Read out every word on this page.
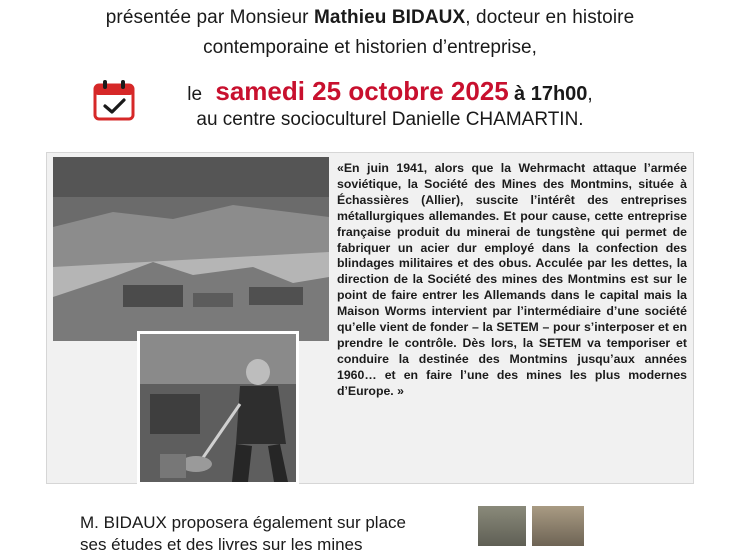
présentée par Monsieur Mathieu BIDAUX, docteur en histoire
contemporaine et historien d’entreprise,
le samedi 25 octobre 2025 à 17h00,
au centre socioculturel Danielle CHAMARTIN.
«En juin 1941, alors que la Wehrmacht attaque l’armée soviétique, la Société des Mines des Montmins, située à Échassières (Allier), suscite l’intérêt des entreprises métallurgiques allemandes. Et pour cause, cette entreprise française produit du minerai de tungstène qui permet de fabriquer un acier dur employé dans la confection des blindages militaires et des obus. Acculée par les dettes, la direction de la Société des mines des Montmins est sur le point de faire entrer les Allemands dans le capital mais la Maison Worms intervient par l’intermédiaire d’une société qu’elle vient de fonder – la SETEM – pour s’interposer et en prendre le contrôle. Dès lors, la SETEM va temporiser et conduire la destinée des Montmins jusqu’aux années 1960… et en faire l’une des mines les plus modernes d’Europe. »
M. BIDAUX proposera également sur place
ses études et des livres sur les mines
